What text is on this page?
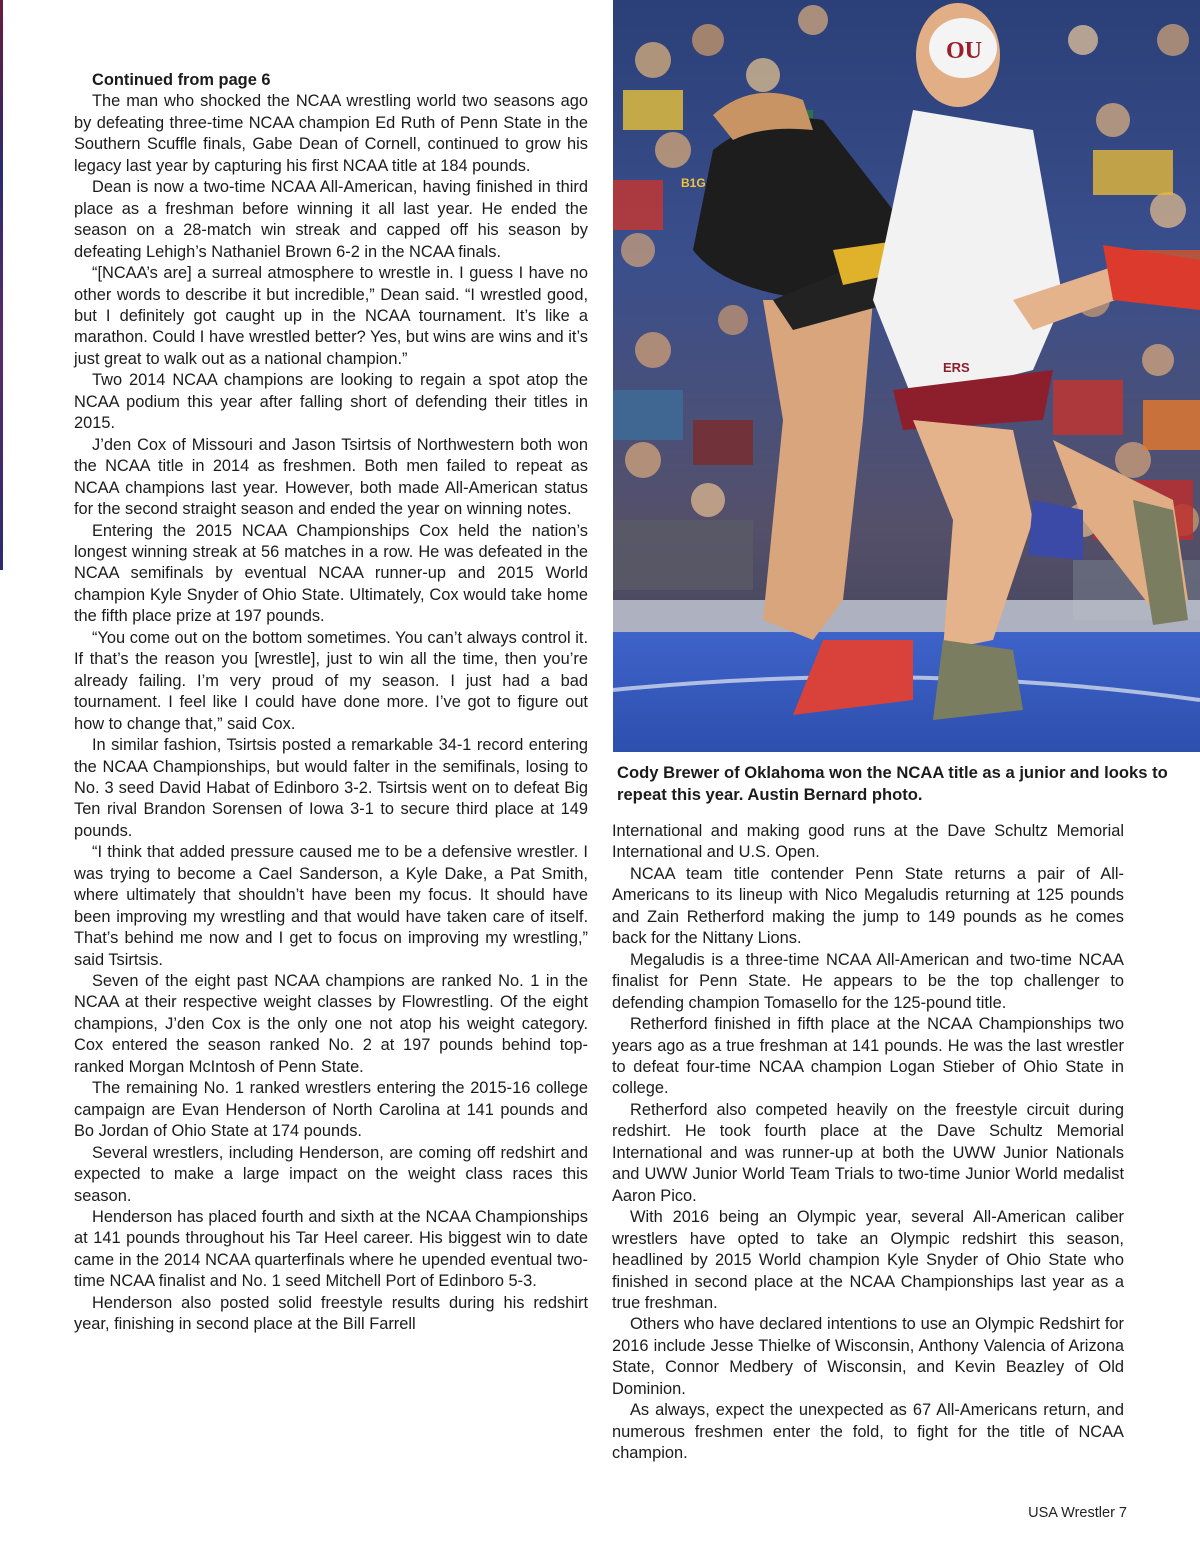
Continued from page 6

The man who shocked the NCAA wrestling world two seasons ago by defeating three-time NCAA champion Ed Ruth of Penn State in the Southern Scuffle finals, Gabe Dean of Cornell, continued to grow his legacy last year by capturing his first NCAA title at 184 pounds.

Dean is now a two-time NCAA All-American, having finished in third place as a freshman before winning it all last year. He ended the season on a 28-match win streak and capped off his season by defeating Lehigh’s Nathaniel Brown 6-2 in the NCAA finals.

“[NCAA’s are] a surreal atmosphere to wrestle in. I guess I have no other words to describe it but incredible,” Dean said. “I wrestled good, but I definitely got caught up in the NCAA tournament. It’s like a marathon. Could I have wrestled better? Yes, but wins are wins and it’s just great to walk out as a national champion.”

Two 2014 NCAA champions are looking to regain a spot atop the NCAA podium this year after falling short of defending their titles in 2015.

J’den Cox of Missouri and Jason Tsirtsis of Northwestern both won the NCAA title in 2014 as freshmen. Both men failed to repeat as NCAA champions last year. However, both made All-American status for the second straight season and ended the year on winning notes.

Entering the 2015 NCAA Championships Cox held the nation’s longest winning streak at 56 matches in a row. He was defeated in the NCAA semifinals by eventual NCAA runner-up and 2015 World champion Kyle Snyder of Ohio State. Ultimately, Cox would take home the fifth place prize at 197 pounds.

“You come out on the bottom sometimes. You can’t always control it. If that’s the reason you [wrestle], just to win all the time, then you’re already failing. I’m very proud of my season. I just had a bad tournament. I feel like I could have done more. I’ve got to figure out how to change that,” said Cox.

In similar fashion, Tsirtsis posted a remarkable 34-1 record entering the NCAA Championships, but would falter in the semifinals, losing to No. 3 seed David Habat of Edinboro 3-2. Tsirtsis went on to defeat Big Ten rival Brandon Sorensen of Iowa 3-1 to secure third place at 149 pounds.

“I think that added pressure caused me to be a defensive wrestler. I was trying to become a Cael Sanderson, a Kyle Dake, a Pat Smith, where ultimately that shouldn’t have been my focus. It should have been improving my wrestling and that would have taken care of itself. That’s behind me now and I get to focus on improving my wrestling,” said Tsirtsis.

Seven of the eight past NCAA champions are ranked No. 1 in the NCAA at their respective weight classes by Flowrestling. Of the eight champions, J’den Cox is the only one not atop his weight category. Cox entered the season ranked No. 2 at 197 pounds behind top-ranked Morgan McIntosh of Penn State.

The remaining No. 1 ranked wrestlers entering the 2015-16 college campaign are Evan Henderson of North Carolina at 141 pounds and Bo Jordan of Ohio State at 174 pounds.

Several wrestlers, including Henderson, are coming off redshirt and expected to make a large impact on the weight class races this season.

Henderson has placed fourth and sixth at the NCAA Championships at 141 pounds throughout his Tar Heel career. His biggest win to date came in the 2014 NCAA quarterfinals where he upended eventual two-time NCAA finalist and No. 1 seed Mitchell Port of Edinboro 5-3.

Henderson also posted solid freestyle results during his redshirt year, finishing in second place at the Bill Farrell

B1G
OU
ERS
Cody Brewer of Oklahoma won the NCAA title as a junior and looks to repeat this year. Austin Bernard photo.

International and making good runs at the Dave Schultz Memorial International and U.S. Open.

NCAA team title contender Penn State returns a pair of All-Americans to its lineup with Nico Megaludis returning at 125 pounds and Zain Retherford making the jump to 149 pounds as he comes back for the Nittany Lions.

Megaludis is a three-time NCAA All-American and two-time NCAA finalist for Penn State. He appears to be the top challenger to defending champion Tomasello for the 125-pound title.

Retherford finished in fifth place at the NCAA Championships two years ago as a true freshman at 141 pounds. He was the last wrestler to defeat four-time NCAA champion Logan Stieber of Ohio State in college.

Retherford also competed heavily on the freestyle circuit during redshirt. He took fourth place at the Dave Schultz Memorial International and was runner-up at both the UWW Junior Nationals and UWW Junior World Team Trials to two-time Junior World medalist Aaron Pico.

With 2016 being an Olympic year, several All-American caliber wrestlers have opted to take an Olympic redshirt this season, headlined by 2015 World champion Kyle Snyder of Ohio State who finished in second place at the NCAA Championships last year as a true freshman.

Others who have declared intentions to use an Olympic Redshirt for 2016 include Jesse Thielke of Wisconsin, Anthony Valencia of Arizona State, Connor Medbery of Wisconsin, and Kevin Beazley of Old Dominion.

As always, expect the unexpected as 67 All-Americans return, and numerous freshmen enter the fold, to fight for the title of NCAA champion.

USA Wrestler 7
